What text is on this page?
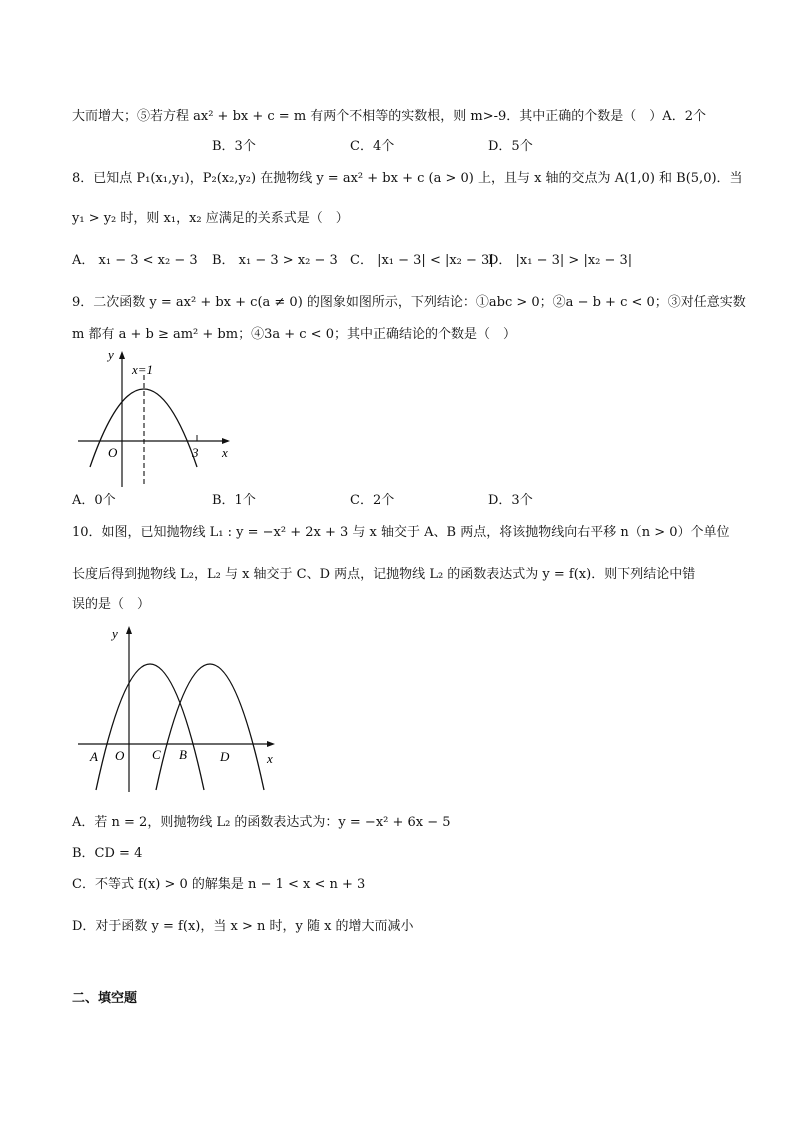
大而增大；⑤若方程 ax² + bx + c = m 有两个不相等的实数根，则 m>-9．其中正确的个数是（　）A．2个
B．3个	C．4个	D．5个
8．已知点 P₁(x₁,y₁)，P₂(x₂,y₂) 在抛物线 y = ax² + bx + c (a > 0) 上，且与 x 轴的交点为 A(1,0) 和 B(5,0)．当
y₁ > y₂ 时，则 x₁，x₂ 应满足的关系式是（　）
A． x₁ − 3 < x₂ − 3 B． x₁ − 3 > x₂ − 3 C． |x₁ − 3| < |x₂ − 3|
D． |x₁ − 3| > |x₂ − 3|
9．二次函数 y = ax² + bx + c(a ≠ 0) 的图象如图所示，下列结论：①abc > 0；②a − b + c < 0；③对任意实数
m 都有 a + b ≥ am² + bm；④3a + c < 0；其中正确结论的个数是（　）
y
x=1
O	3 x
A．0个	B．1个	C．2个	D．3个
10．如图，已知抛物线 L₁ : y = −x² + 2x + 3 与 x 轴交于 A、B 两点，将该抛物线向右平移 n（n > 0）个单位
长度后得到抛物线 L₂，L₂ 与 x 轴交于 C、D 两点，记抛物线 L₂ 的函数表达式为 y = f(x)．则下列结论中错
误的是（　）
y
A O C B	D	x
A．若 n = 2，则抛物线 L₂ 的函数表达式为：y = −x² + 6x − 5
B．CD = 4
C．不等式 f(x) > 0 的解集是 n − 1 < x < n + 3
D．对于函数 y = f(x)，当 x > n 时，y 随 x 的增大而减小
二、填空题
